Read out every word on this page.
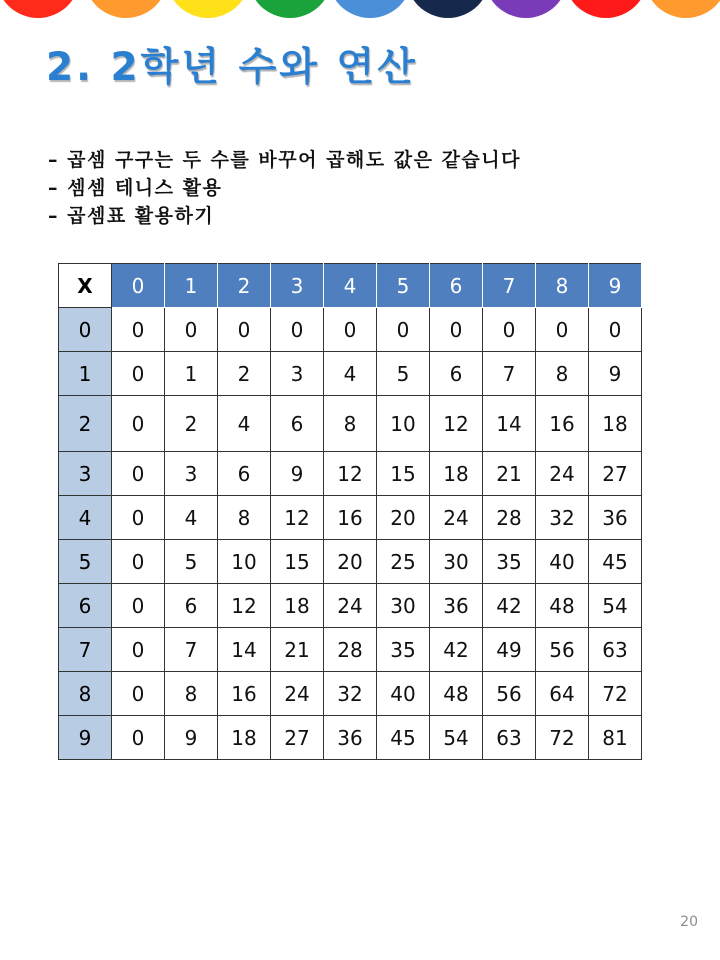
2. 2학년 수와 연산
– 곱셈 구구는 두 수를 바꾸어 곱해도 값은 같습니다
– 셈셈 테니스 활용
– 곱셈표 활용하기
X	0	1	2	3	4	5	6	7	8	9
0	0	0	0	0	0	0	0	0	0	0
1	0	1	2	3	4	5	6	7	8	9
2	0	2	4	6	8	10	12	14	16	18
3	0	3	6	9	12	15	18	21	24	27
4	0	4	8	12	16	20	24	28	32	36
5	0	5	10	15	20	25	30	35	40	45
6	0	6	12	18	24	30	36	42	48	54
7	0	7	14	21	28	35	42	49	56	63
8	0	8	16	24	32	40	48	56	64	72
9	0	9	18	27	36	45	54	63	72	81
20
